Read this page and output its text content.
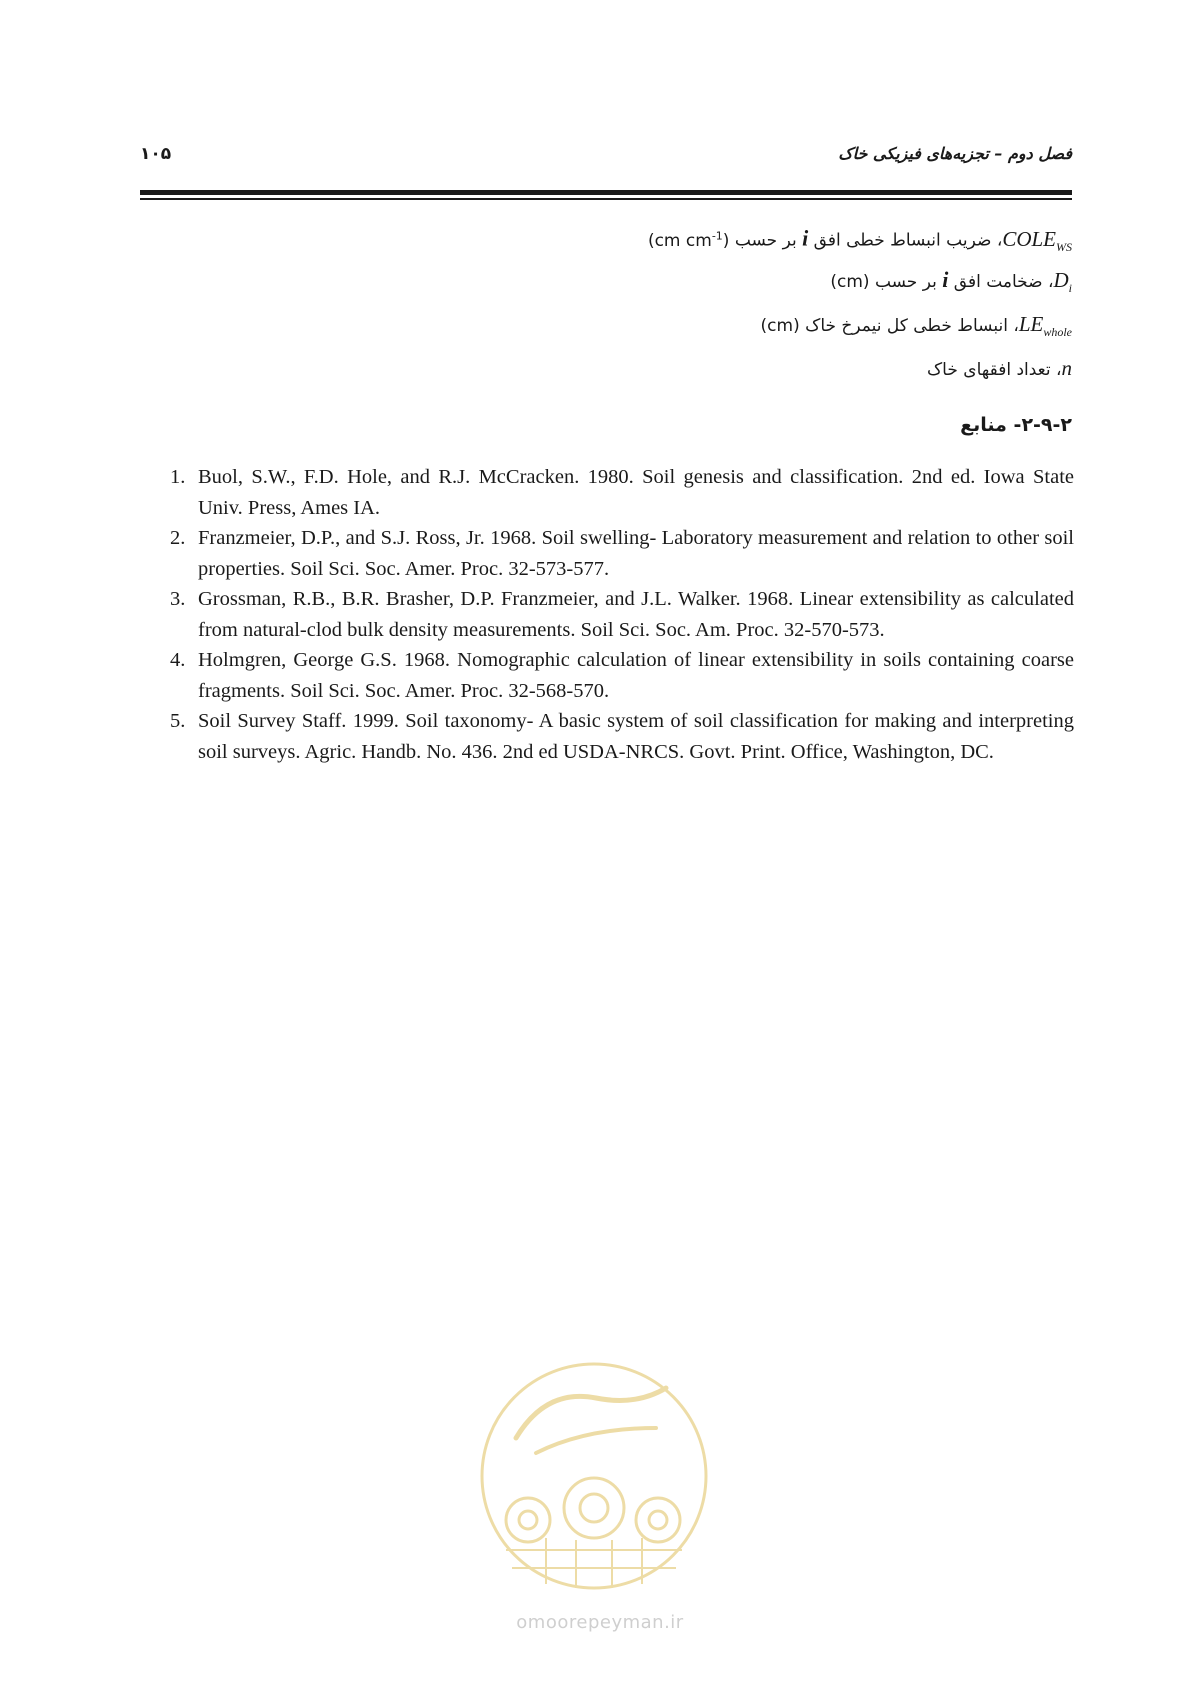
۱۰۵	فصل دوم – تجزیه‌های فیزیکی خاک
$COLE_{WS}،$ ضریب انبساط خطی افق i بر حسب (cm $cm^{-1}$)
$D_i،$ ضخامت افق i بر حسب (cm)
$LE_{whole}،$ انبساط خطی کل نیمرخ خاک (cm)
n، تعداد افقهای خاک
۲-۹-۲- منابع
1. Buol, S.W., F.D. Hole, and R.J. McCracken. 1980. Soil genesis and classification. 2nd ed. Iowa State Univ. Press, Ames IA.
2. Franzmeier, D.P., and S.J. Ross, Jr. 1968. Soil swelling- Laboratory measurement and relation to other soil properties. Soil Sci. Soc. Amer. Proc. 32-573-577.
3. Grossman, R.B., B.R. Brasher, D.P. Franzmeier, and J.L. Walker. 1968. Linear extensibility as calculated from natural-clod bulk density measurements. Soil Sci. Soc. Am. Proc. 32-570-573.
4. Holmgren, George G.S. 1968. Nomographic calculation of linear extensibility in soils containing coarse fragments. Soil Sci. Soc. Amer. Proc. 32-568-570.
5. Soil Survey Staff. 1999. Soil taxonomy- A basic system of soil classification for making and interpreting soil surveys. Agric. Handb. No. 436. 2nd ed USDA-NRCS. Govt. Print. Office, Washington, DC.
omoorepeyman.ir
